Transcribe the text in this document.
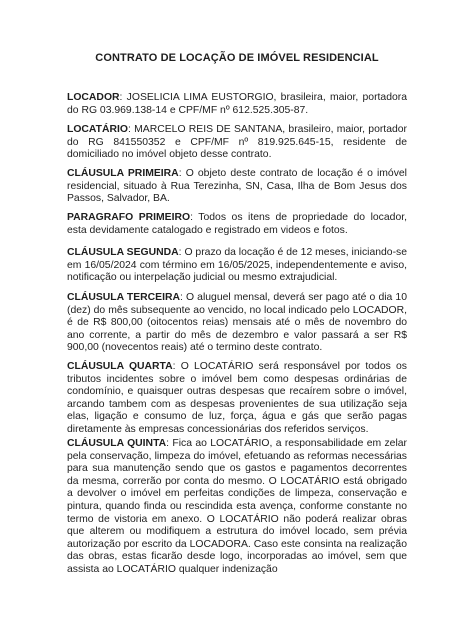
CONTRATO DE LOCAÇÃO DE IMÓVEL RESIDENCIAL
LOCADOR: JOSELICIA LIMA EUSTORGIO, brasileira, maior, portadora do RG 03.969.138-14 e CPF/MF nº 612.525.305-87.
LOCATÁRIO: MARCELO REIS DE SANTANA, brasileiro, maior, portador do RG 841550352 e CPF/MF nº 819.925.645-15, residente de domiciliado no imóvel objeto desse contrato.
CLÁUSULA PRIMEIRA: O objeto deste contrato de locação é o imóvel residencial, situado à Rua Terezinha, SN, Casa, Ilha de Bom Jesus dos Passos, Salvador, BA.
PARAGRAFO PRIMEIRO: Todos os itens de propriedade do locador, esta devidamente catalogado e registrado em videos e fotos.
CLÁUSULA SEGUNDA: O prazo da locação é de 12 meses, iniciando-se em 16/05/2024 com término em 16/05/2025, independentemente e aviso, notificação ou interpelação judicial ou mesmo extrajudicial.
CLÁUSULA TERCEIRA: O aluguel mensal, deverá ser pago até o dia 10 (dez) do mês subsequente ao vencido, no local indicado pelo LOCADOR, é de R$ 800,00 (oitocentos reias) mensais até o mês de novembro do ano corrente, a partir do mês de dezembro e valor passará a ser R$ 900,00 (novecentos reais) até o termino deste contrato.
CLÁUSULA QUARTA: O LOCATÁRIO será responsável por todos os tributos incidentes sobre o imóvel bem como despesas ordinárias de condomínio, e quaisquer outras despesas que recaírem sobre o imóvel, arcando tambem com as despesas provenientes de sua utilização seja elas, ligação e consumo de luz, força, água e gás que serão pagas diretamente às empresas concessionárias dos referidos serviços.
CLÁUSULA QUINTA: Fica ao LOCATÁRIO, a responsabilidade em zelar pela conservação, limpeza do imóvel, efetuando as reformas necessárias para sua manutenção sendo que os gastos e pagamentos decorrentes da mesma, correrão por conta do mesmo. O LOCATÁRIO está obrigado a devolver o imóvel em perfeitas condições de limpeza, conservação e pintura, quando finda ou rescindida esta avença, conforme constante no termo de vistoria em anexo. O LOCATÁRIO não poderá realizar obras que alterem ou modifiquem a estrutura do imóvel locado, sem prévia autorização por escrito da LOCADORA. Caso este consinta na realização das obras, estas ficarão desde logo, incorporadas ao imóvel, sem que assista ao LOCATÁRIO qualquer indenização
